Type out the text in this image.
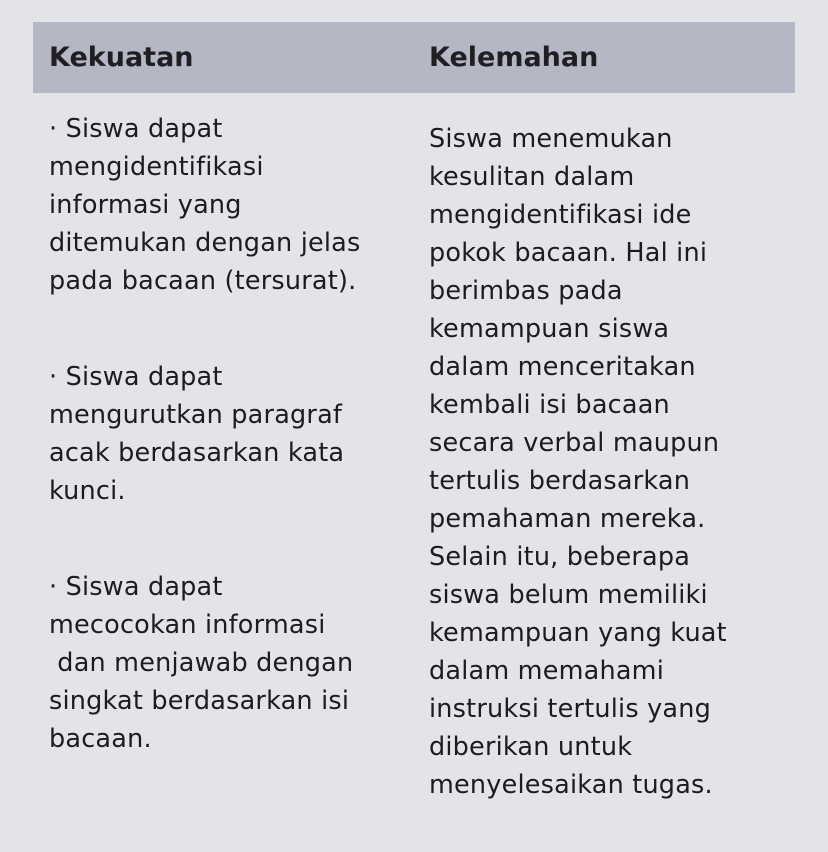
Kekuatan	Kelemahan
· Siswa dapat
mengidentifikasi
informasi yang
ditemukan dengan jelas
pada bacaan (tersurat).
· Siswa dapat
mengurutkan paragraf
acak berdasarkan kata
kunci.
· Siswa dapat
mecocokan informasi
dan menjawab dengan
singkat berdasarkan isi
bacaan.
Siswa menemukan
kesulitan dalam
mengidentifikasi ide
pokok bacaan. Hal ini
berimbas pada
kemampuan siswa
dalam menceritakan
kembali isi bacaan
secara verbal maupun
tertulis berdasarkan
pemahaman mereka.
Selain itu, beberapa
siswa belum memiliki
kemampuan yang kuat
dalam memahami
instruksi tertulis yang
diberikan untuk
menyelesaikan tugas.
